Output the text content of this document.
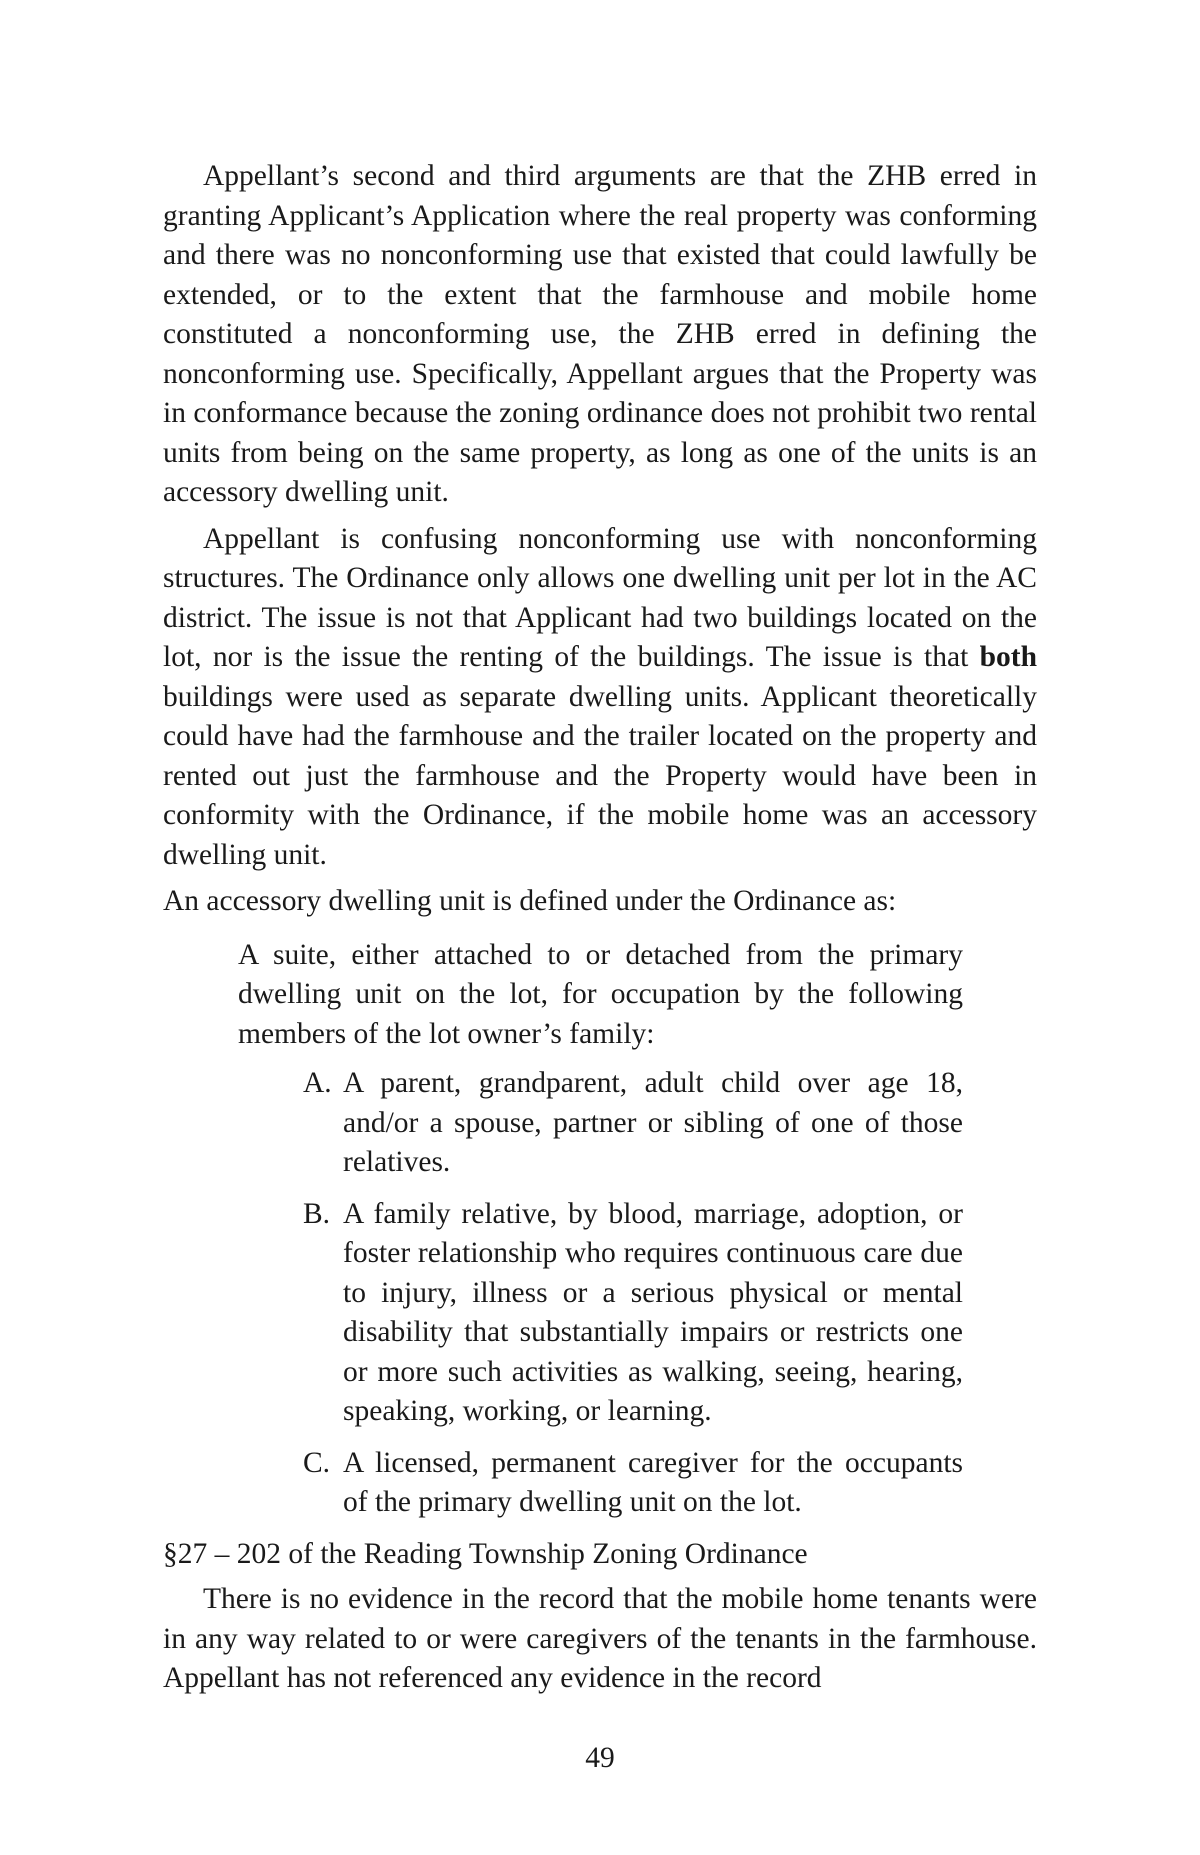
Appellant’s second and third arguments are that the ZHB erred in granting Applicant’s Application where the real property was conforming and there was no nonconforming use that existed that could lawfully be extended, or to the extent that the farmhouse and mobile home constituted a nonconforming use, the ZHB erred in defining the nonconforming use. Specifically, Appellant argues that the Property was in conformance because the zoning ordinance does not prohibit two rental units from being on the same property, as long as one of the units is an accessory dwelling unit.

Appellant is confusing nonconforming use with nonconforming structures. The Ordinance only allows one dwelling unit per lot in the AC district. The issue is not that Applicant had two buildings located on the lot, nor is the issue the renting of the buildings. The issue is that both buildings were used as separate dwelling units. Applicant theoretically could have had the farmhouse and the trailer located on the property and rented out just the farmhouse and the Property would have been in conformity with the Ordinance, if the mobile home was an accessory dwelling unit.

An accessory dwelling unit is defined under the Ordinance as:

A suite, either attached to or detached from the primary dwelling unit on the lot, for occupation by the following members of the lot owner’s family:

A. A parent, grandparent, adult child over age 18, and/or a spouse, partner or sibling of one of those relatives.
B. A family relative, by blood, marriage, adoption, or foster relationship who requires continuous care due to injury, illness or a serious physical or mental disability that substantially impairs or restricts one or more such activities as walking, seeing, hearing, speaking, working, or learning.
C. A licensed, permanent caregiver for the occupants of the primary dwelling unit on the lot.

§27 – 202 of the Reading Township Zoning Ordinance

There is no evidence in the record that the mobile home tenants were in any way related to or were caregivers of the tenants in the farmhouse. Appellant has not referenced any evidence in the record

49
